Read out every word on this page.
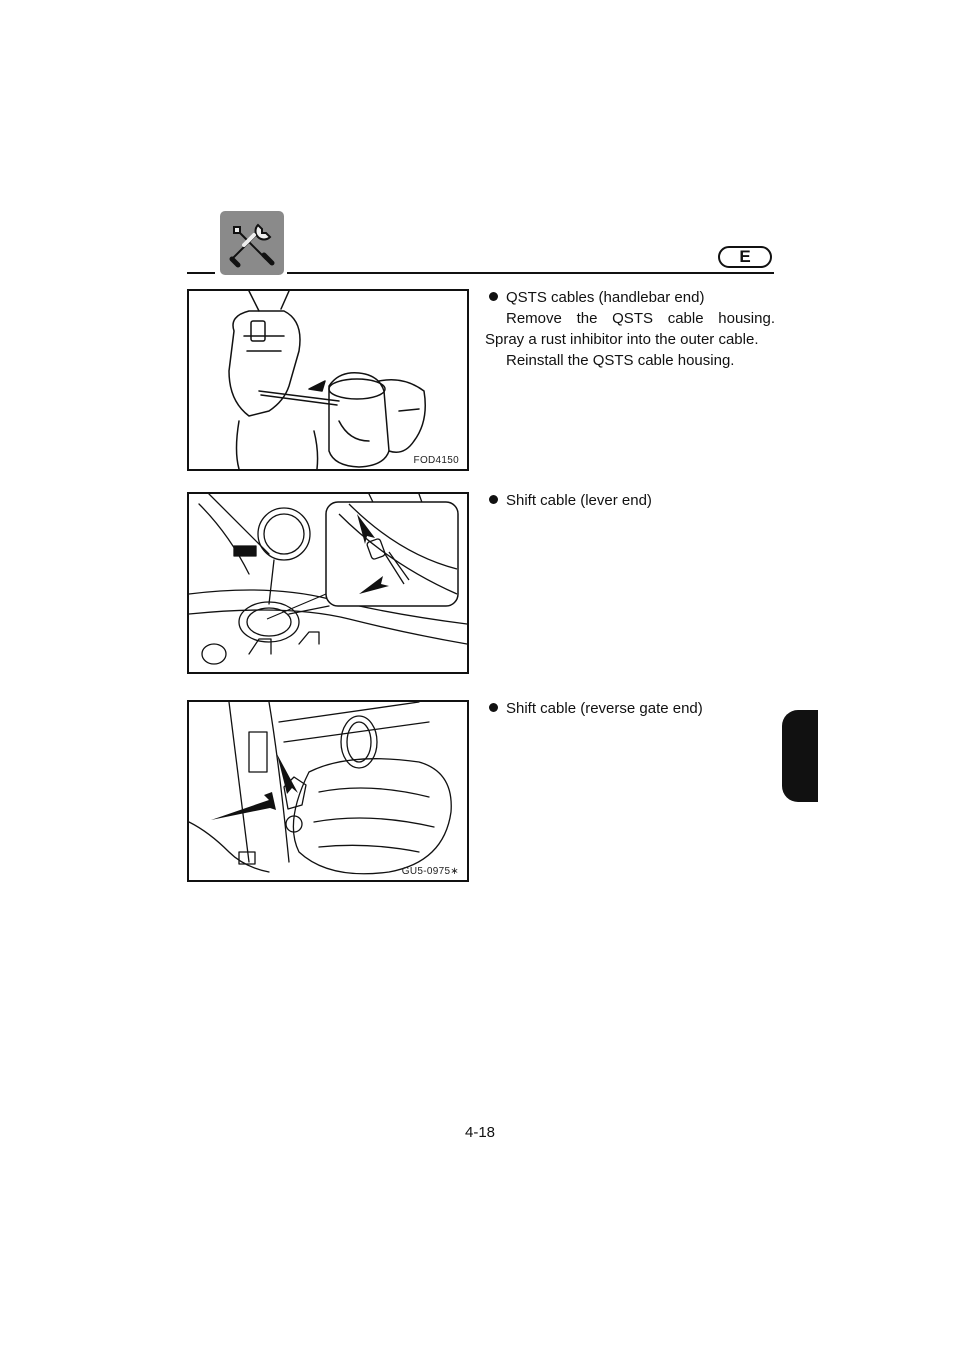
E
FOD4150
QSTS cables (handlebar end)
Remove the QSTS cable housing. Spray a rust inhibitor into the outer cable.
Reinstall the QSTS cable housing.
Shift cable (lever end)
GU5-0975∗
Shift cable (reverse gate end)
4-18
